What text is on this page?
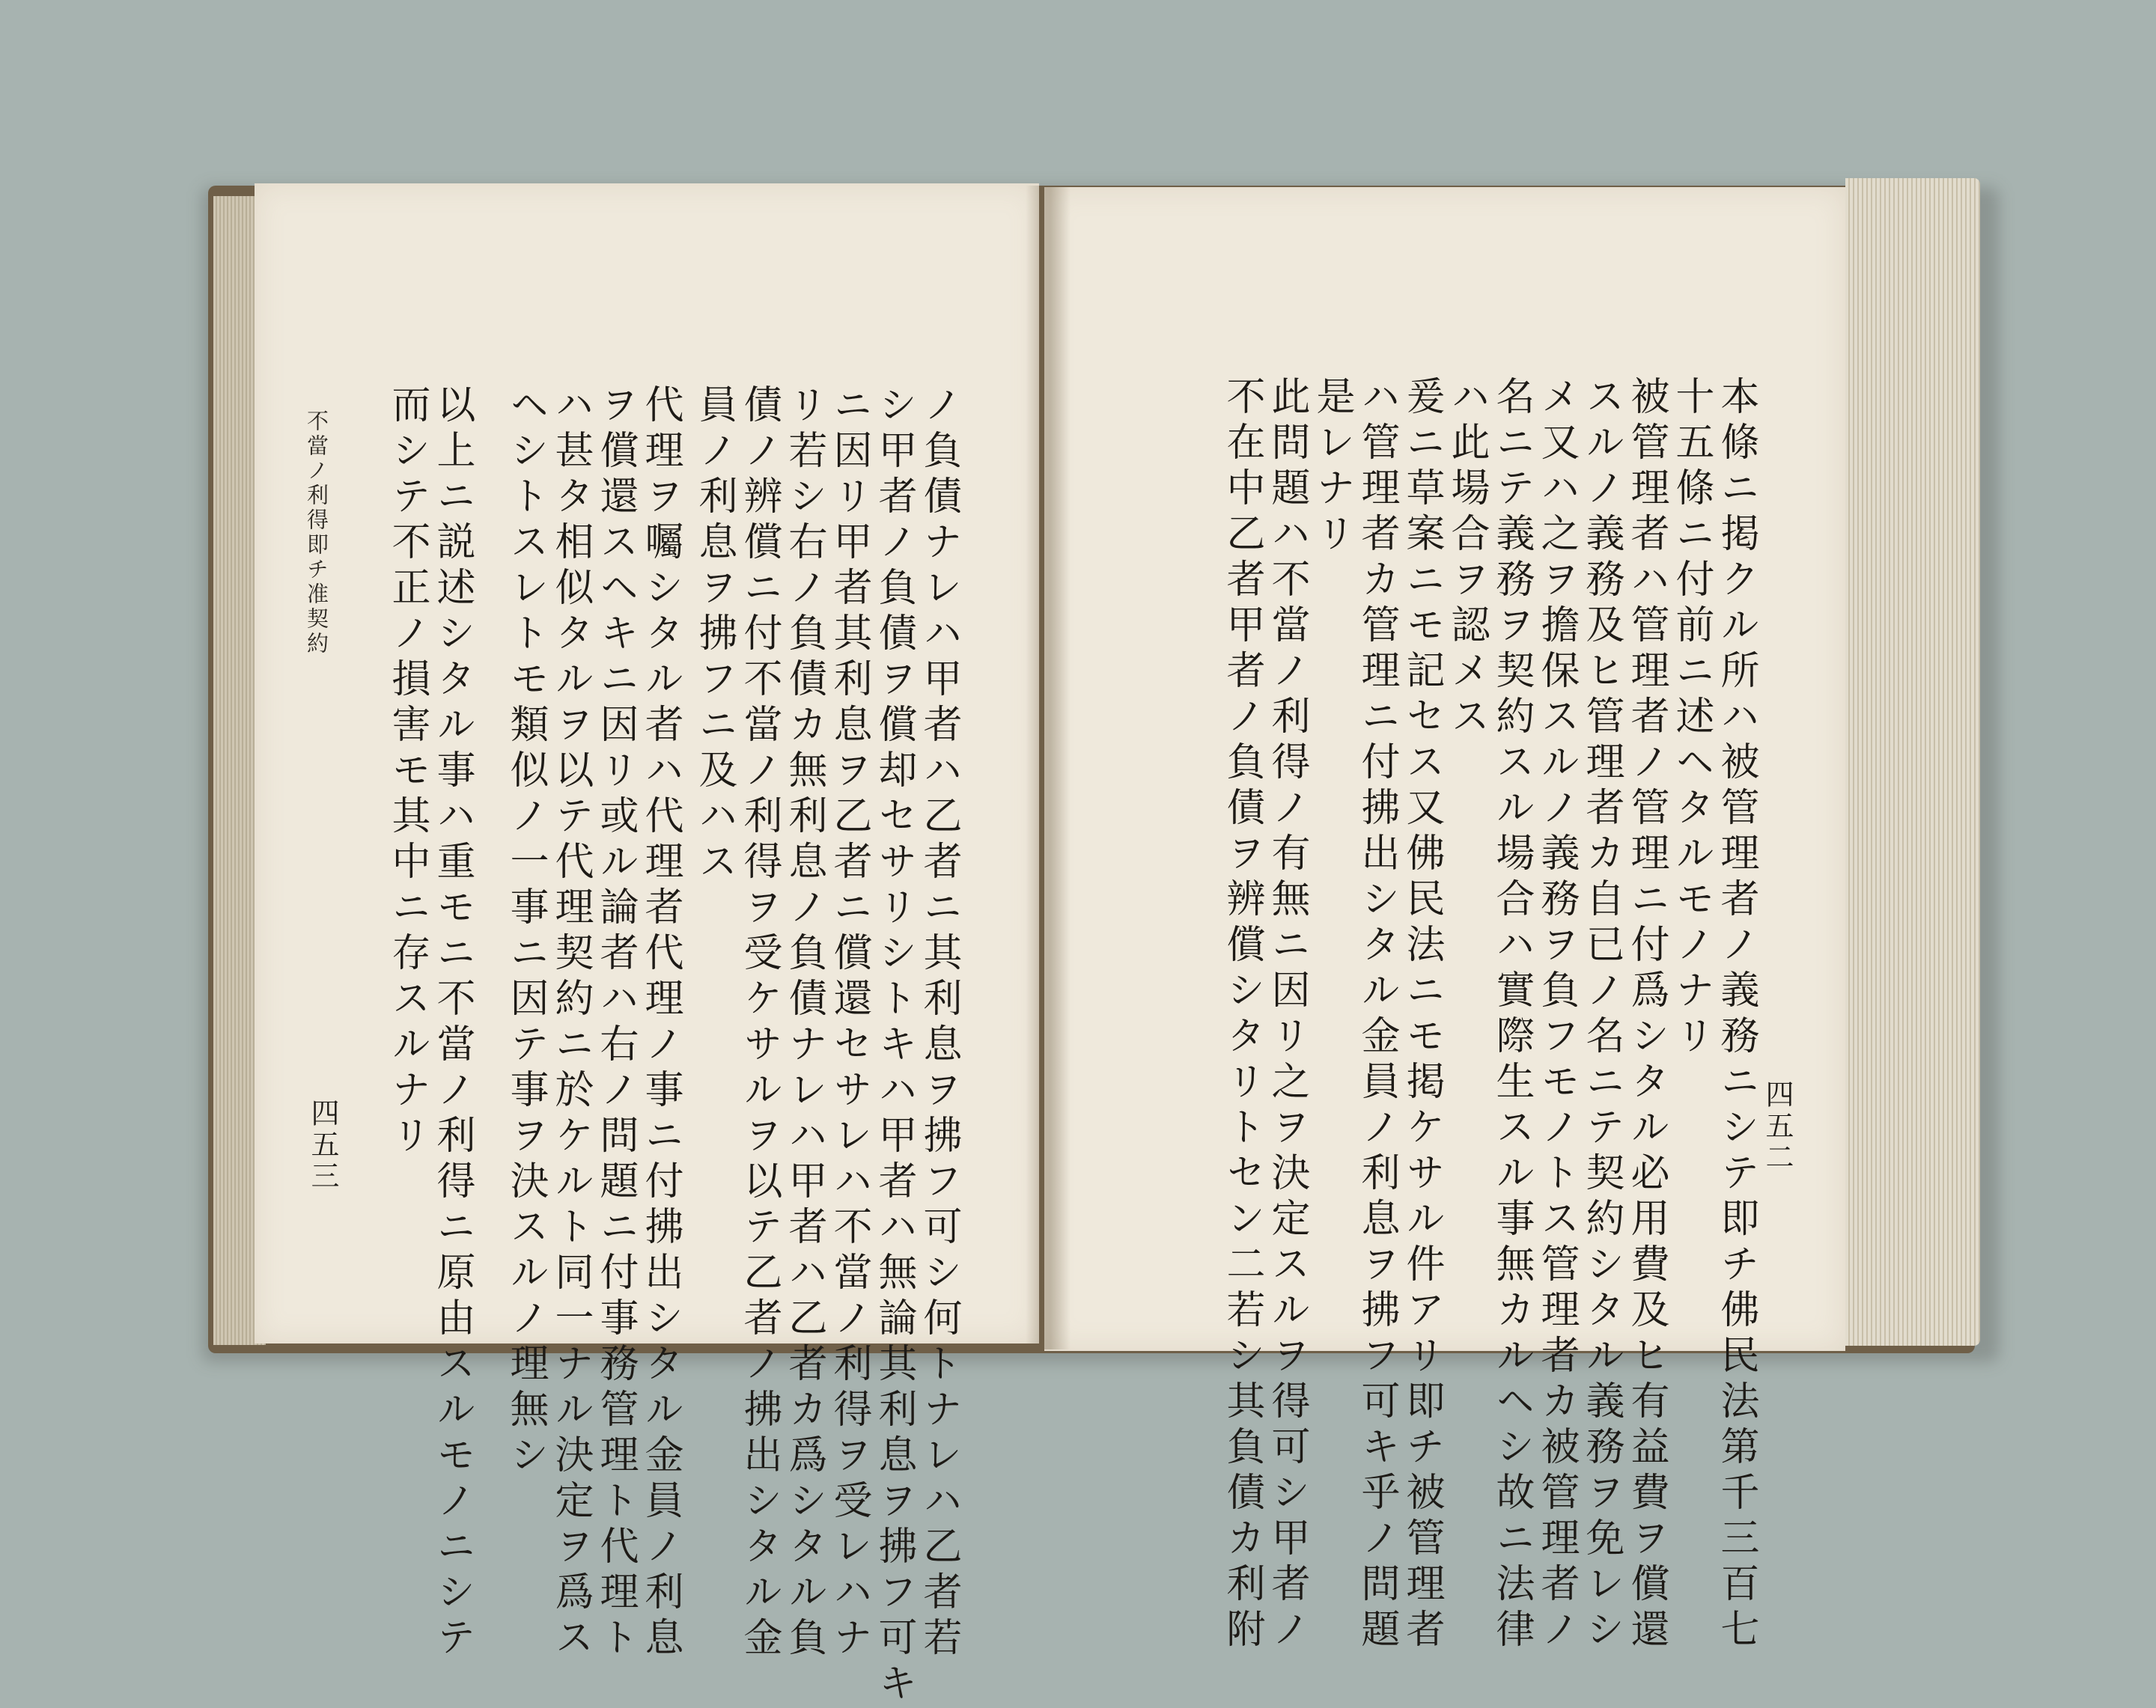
不當ノ利得即チ准契約
四五三	ノ負債ナレハ甲者ハ乙者ニ其利息ヲ拂フ可シ何トナレハ乙者若
シ甲者ノ負債ヲ償却セサリシトキハ甲者ハ無論其利息ヲ拂フ可キ
ニ因リ甲者其利息ヲ乙者ニ償還セサレハ不當ノ利得ヲ受レハナ
リ若シ右ノ負債カ無利息ノ負債ナレハ甲者ハ乙者カ爲シタル負
債ノ辨償ニ付不當ノ利得ヲ受ケサルヲ以テ乙者ノ拂出シタル金
員ノ利息ヲ拂フニ及ハス
代理ヲ囑シタル者ハ代理者代理ノ事ニ付拂出シタル金員ノ利息
ヲ償還スヘキニ因リ或ル論者ハ右ノ問題ニ付事務管理ト代理ト
ハ甚タ相似タルヲ以テ代理契約ニ於ケルト同一ナル決定ヲ爲ス
ヘシトスレトモ類似ノ一事ニ因テ事ヲ決スルノ理無シ
以上ニ説述シタル事ハ重モニ不當ノ利得ニ原由スルモノニシテ
而シテ不正ノ損害モ其中ニ存スルナリ	四五二
本條ニ掲クル所ハ被管理者ノ義務ニシテ即チ佛民法第千三百七
十五條ニ付前ニ述ヘタルモノナリ
被管理者ハ管理者ノ管理ニ付爲シタル必用費及ヒ有益費ヲ償還
スルノ義務及ヒ管理者カ自已ノ名ニテ契約シタル義務ヲ免レシ
メ又ハ之ヲ擔保スルノ義務ヲ負フモノトス管理者カ被管理者ノ
名ニテ義務ヲ契約スル場合ハ實際生スル事無カルヘシ故ニ法律
ハ此場合ヲ認メス
爰ニ草案ニモ記セス又佛民法ニモ掲ケサル件アリ即チ被管理者
ハ管理者カ管理ニ付拂出シタル金員ノ利息ヲ拂フ可キ乎ノ問題
是レナリ
此問題ハ不當ノ利得ノ有無ニ因リ之ヲ決定スルヲ得可シ甲者ノ
不在中乙者甲者ノ負債ヲ辨償シタリトセン二若シ其負債カ利附
